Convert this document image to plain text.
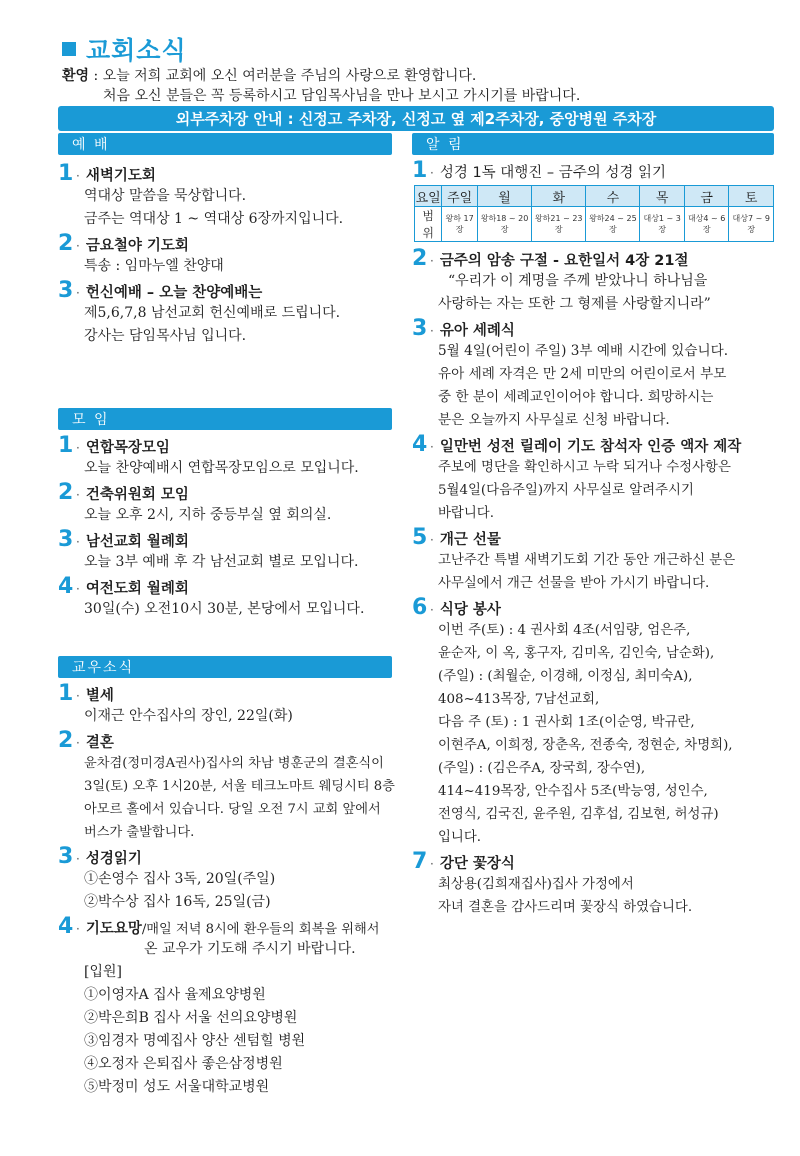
교회소식
환영 : 오늘 저희 교회에 오신 여러분을 주님의 사랑으로 환영합니다.
처음 오신 분들은 꼭 등록하시고 담임목사님을 만나 보시고 가시기를 바랍니다.
외부주차장 안내 : 신정고 주차장, 신정고 옆 제2주차장, 중앙병원 주차장
예 배
1 · 새벽기도회
역대상 말씀을 묵상합니다.
금주는 역대상 1 ~ 역대상 6장까지입니다.
2 · 금요철야 기도회
특송 : 임마누엘 찬양대
3 · 헌신예배 – 오늘 찬양예배는
제5,6,7,8 남선교회 헌신예배로 드립니다.
강사는 담임목사님 입니다.
모 임
1 · 연합목장모임
오늘 찬양예배시 연합목장모임으로 모입니다.
2 · 건축위원회 모임
오늘 오후 2시, 지하 중등부실 옆 회의실.
3 · 남선교회 월례회
오늘 3부 예배 후 각 남선교회 별로 모입니다.
4 · 여전도회 월례회
30일(수) 오전10시 30분, 본당에서 모입니다.
교우소식
1 · 별세
이재근 안수집사의 장인, 22일(화)
2 · 결혼
윤차겸(정미경A권사)집사의 차남 병훈군의 결혼식이
3일(토) 오후 1시20분, 서울 테크노마트 웨딩시티 8층
아모르 홀에서 있습니다. 당일 오전 7시 교회 앞에서
버스가 출발합니다.
3 · 성경읽기
①손영수 집사 3독, 20일(주일)
②박수상 집사 16독, 25일(금)
4 · 기도요망 /매일 저녁 8시에 환우들의 회복을 위해서
온 교우가 기도해 주시기 바랍니다.
[입원]
①이영자A 집사 율제요양병원
②박은희B 집사 서울 선의요양병원
③임경자 명예집사 양산 센텀힐 병원
④오정자 은퇴집사 좋은삼정병원
⑤박정미 성도 서울대학교병원
알 림
1 · 성경 1독 대행진 – 금주의 성경 읽기
요일	주일	월	화	수	목	금	토
범 위	왕하 17장	왕하18 ~ 20장	왕하21 ~ 23장	왕하24 ~ 25장	대상1 ~ 3장	대상4 ~ 6장	대상7 ~ 9장
2 · 금주의 암송 구절 - 요한일서 4장 21절
“우리가 이 계명을 주께 받았나니 하나님을
사랑하는 자는 또한 그 형제를 사랑할지니라”
3 · 유아 세례식
5월 4일(어린이 주일) 3부 예배 시간에 있습니다.
유아 세례 자격은 만 2세 미만의 어린이로서 부모
중 한 분이 세례교인이어야 합니다. 희망하시는
분은 오늘까지 사무실로 신청 바랍니다.
4 · 일만번 성전 릴레이 기도 참석자 인증 액자 제작
주보에 명단을 확인하시고 누락 되거나 수정사항은
5월4일(다음주일)까지 사무실로 알려주시기
바랍니다.
5 · 개근 선물
고난주간 특별 새벽기도회 기간 동안 개근하신 분은
사무실에서 개근 선물을 받아 가시기 바랍니다.
6 · 식당 봉사
이번 주(토) : 4 권사회 4조(서임량, 엄은주,
윤순자, 이 옥, 홍구자, 김미옥, 김인숙, 남순화),
(주일) : (최월순, 이경해, 이정심, 최미숙A),
408~413목장, 7남선교회,
다음 주 (토) : 1 권사회 1조(이순영, 박규란,
이현주A, 이희정, 장춘옥, 전종숙, 정현순, 차명희),
(주일) : (김은주A, 장국희, 장수연),
414~419목장, 안수집사 5조(박능영, 성인수,
전영식, 김국진, 윤주원, 김후섭, 김보현, 허성규)
입니다.
7 · 강단 꽃장식
최상용(김희재집사)집사 가정에서
자녀 결혼을 감사드리며 꽃장식 하였습니다.
